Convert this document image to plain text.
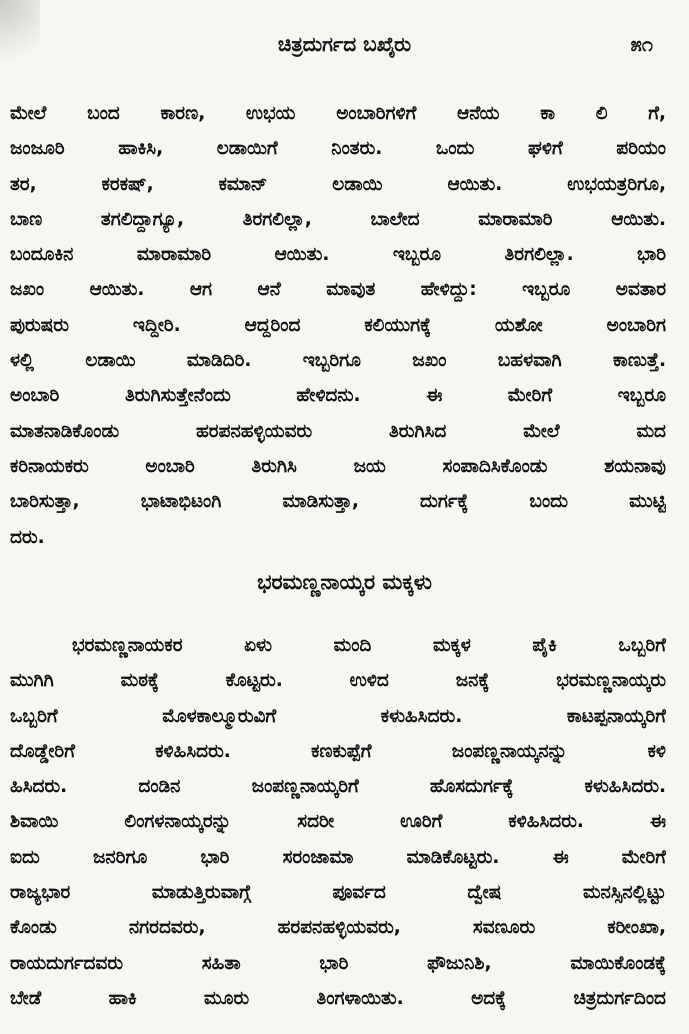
ಚಿತ್ರದುರ್ಗದ ಬಖೈರು	೫೧
ಮೇಲೆ ಬಂದ ಕಾರಣ, ಉಭಯ ಅಂಬಾರಿಗಳಿಗೆ ಆನೆಯ ಕಾ ಲಿ ಗೆ,
ಜಂಜೂರಿ ಹಾಕಿಸಿ, ಲಡಾಯಿಗೆ ನಿಂತರು. ಒಂದು ಘಳಿಗೆ ಪರಿಯಂ
ತರ, ಕರಕಷ್, ಕಮಾನ್ ಲಡಾಯಿ ಆಯಿತು. ಉಭಯತ್ರರಿಗೂ,
ಬಾಣ ತಗಲಿದ್ದಾಗ್ಯೂ, ತಿರಗಲಿಲ್ಲಾ, ಬಾಲೇದ ಮಾರಾಮಾರಿ ಆಯಿತು.
ಬಂದೂಕಿನ ಮಾರಾಮಾರಿ ಆಯಿತು. ಇಬ್ಬರೂ ತಿರಗಲಿಲ್ಲಾ. ಭಾರಿ
ಜಖಂ ಆಯಿತು. ಆಗ ಆನೆ ಮಾವುತ ಹೇಳಿದ್ದು: ಇಬ್ಬರೂ ಅವತಾರ
ಪುರುಷರು ಇದ್ದೀರಿ. ಆದ್ದರಿಂದ ಕಲಿಯುಗಕ್ಕೆ ಯಶೋ ಅಂಬಾರಿಗ
ಳಲ್ಲಿ ಲಡಾಯಿ ಮಾಡಿದಿರಿ. ಇಬ್ಬರಿಗೂ ಜಖಂ ಬಹಳವಾಗಿ ಕಾಣುತ್ತೆ.
ಅಂಬಾರಿ ತಿರುಗಿಸುತ್ತೇನೆಂದು ಹೇಳಿದನು. ಈ ಮೇರಿಗೆ ಇಬ್ಬರೂ
ಮಾತನಾಡಿಕೊಂಡು ಹರಪನಹಳ್ಳಿಯವರು ತಿರುಗಿಸಿದ ಮೇಲೆ ಮದ
ಕರಿನಾಯಕರು ಅಂಬಾರಿ ತಿರುಗಿಸಿ ಜಯ ಸಂಪಾದಿಸಿಕೊಂಡು ಶಯನಾವು
ಬಾರಿಸುತ್ತಾ, ಭಾಟಾಭಿಟಂಗಿ ಮಾಡಿಸುತ್ತಾ, ದುರ್ಗಕ್ಕೆ ಬಂದು ಮುಟ್ಟಿ
ದರು.
ಭರಮಣ್ಣನಾಯ್ಕರ ಮಕ್ಕಳು
ಭರಮಣ್ಣನಾಯಕರ ಏಳು ಮಂದಿ ಮಕ್ಕಳ ಪೈಕಿ ಒಬ್ಬರಿಗೆ
ಮುಗಿಗಿ ಮಠಕ್ಕೆ ಕೊಟ್ಟರು. ಉಳಿದ ಜನಕ್ಕೆ ಭರಮಣ್ಣನಾಯ್ಕರು
ಒಬ್ಬರಿಗೆ ಮೊಳಕಾಲ್ಮೂರುವಿಗೆ ಕಳುಹಿಸಿದರು. ಕಾಟಪ್ಪನಾಯ್ಕರಿಗೆ
ದೊಡ್ಡೇರಿಗೆ ಕಳಿಹಿಸಿದರು. ಕಣಕುಪ್ಪೆಗೆ ಜಂಪಣ್ಣನಾಯ್ಕನನ್ನು ಕಳಿ
ಹಿಸಿದರು. ದಂಡಿನ ಜಂಪಣ್ಣನಾಯ್ಕರಿಗೆ ಹೊಸದುರ್ಗಕ್ಕೆ ಕಳುಹಿಸಿದರು.
ಶಿವಾಯಿ ಲಿಂಗಳನಾಯ್ಕರನ್ನು ಸದರೀ ಊರಿಗೆ ಕಳಿಹಿಸಿದರು. ಈ
ಐದು ಜನರಿಗೂ ಭಾರಿ ಸರಂಜಾಮಾ ಮಾಡಿಕೊಟ್ಟರು. ಈ ಮೇರಿಗೆ
ರಾಜ್ಯಭಾರ ಮಾಡುತ್ತಿರುವಾಗ್ಗೆ ಪೂರ್ವದ ದ್ವೇಷ ಮನಸ್ಸಿನಲ್ಲಿಟ್ಟು
ಕೊಂಡು ನಗರದವರು, ಹರಪನಹಳ್ಳಿಯವರು, ಸವಣೂರು ಕರೀಂಖಾ,
ರಾಯದುರ್ಗದವರು ಸಹಿತಾ ಭಾರಿ ಫೌಜುನಿಶಿ, ಮಾಯಿಕೊಂಡಕ್ಕೆ
ಬೇಡೆ ಹಾಕಿ ಮೂರು ತಿಂಗಳಾಯಿತು. ಅದಕ್ಕೆ ಚಿತ್ರದುರ್ಗದಿಂದ
